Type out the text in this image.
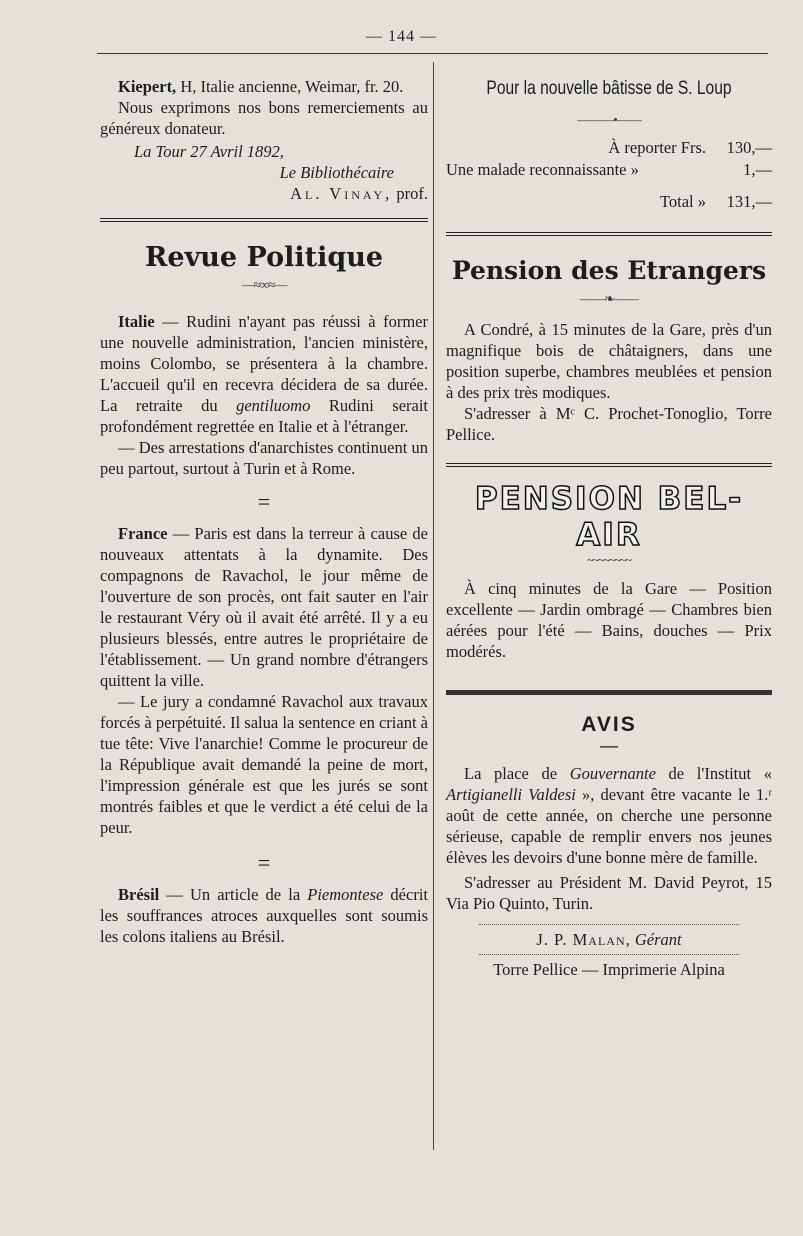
— 144 —

Kiepert, H, Italie ancienne, Weimar, fr. 20.

Nous exprimons nos bons remerciements au généreux donateur.

La Tour 27 Avril 1892,

Le Bibliothécaire

Al. Vinay, prof.

Revue Politique
—≈∞≈—

Italie — Rudini n'ayant pas réussi à former une nouvelle administration, l'ancien ministère, moins Colombo, se présentera à la chambre. L'accueil qu'il en recevra décidera de sa durée. La retraite du gentiluomo Rudini serait profondément regrettée en Italie et à l'étranger.

— Des arrestations d'anarchistes continuent un peu partout, surtout à Turin et à Rome.

=

France — Paris est dans la terreur à cause de nouveaux attentats à la dynamite. Des compagnons de Ravachol, le jour même de l'ouverture de son procès, ont fait sauter en l'air le restaurant Véry où il avait été arrêté. Il y a eu plusieurs blessés, entre autres le propriétaire de l'établissement. — Un grand nombre d'étrangers quittent la ville.

— Le jury a condamné Ravachol aux travaux forcés à perpétuité. Il salua la sentence en criant à tue tête: Vive l'anarchie! Comme le procureur de la République avait demandé la peine de mort, l'impression générale est que les jurés se sont montrés faibles et que le verdict a été celui de la peur.

=

Brésil — Un article de la Piemontese décrit les souffrances atroces auxquelles sont soumis les colons italiens au Brésil.

Pour la nouvelle bâtisse de S. Loup
———•——
À reporter Frs.	130,—
Une malade reconnaissante »	1,—
Total »	131,—
Pension des Etrangers
——❧——

A Condré, à 15 minutes de la Gare, près d'un magnifique bois de châtaigners, dans une position superbe, chambres meublées et pension à des prix très modiques.

S'adresser à Mᶜ C. Prochet-Tonoglio, Torre Pellice.

PENSION BEL-AIR
~~~~~~~~

À cinq minutes de la Gare — Position excellente — Jardin ombragé — Chambres bien aérées pour l'été — Bains, douches — Prix modérés.

AVIS
—

La place de Gouvernante de l'Institut « Artigianelli Valdesi », devant être vacante le 1.ʳ août de cette année, on cherche une personne sérieuse, capable de remplir envers nos jeunes élèves les devoirs d'une bonne mère de famille.

S'adresser au Président M. David Peyrot, 15 Via Pio Quinto, Turin.

J. P. Malan, Gérant

Torre Pellice — Imprimerie Alpina
